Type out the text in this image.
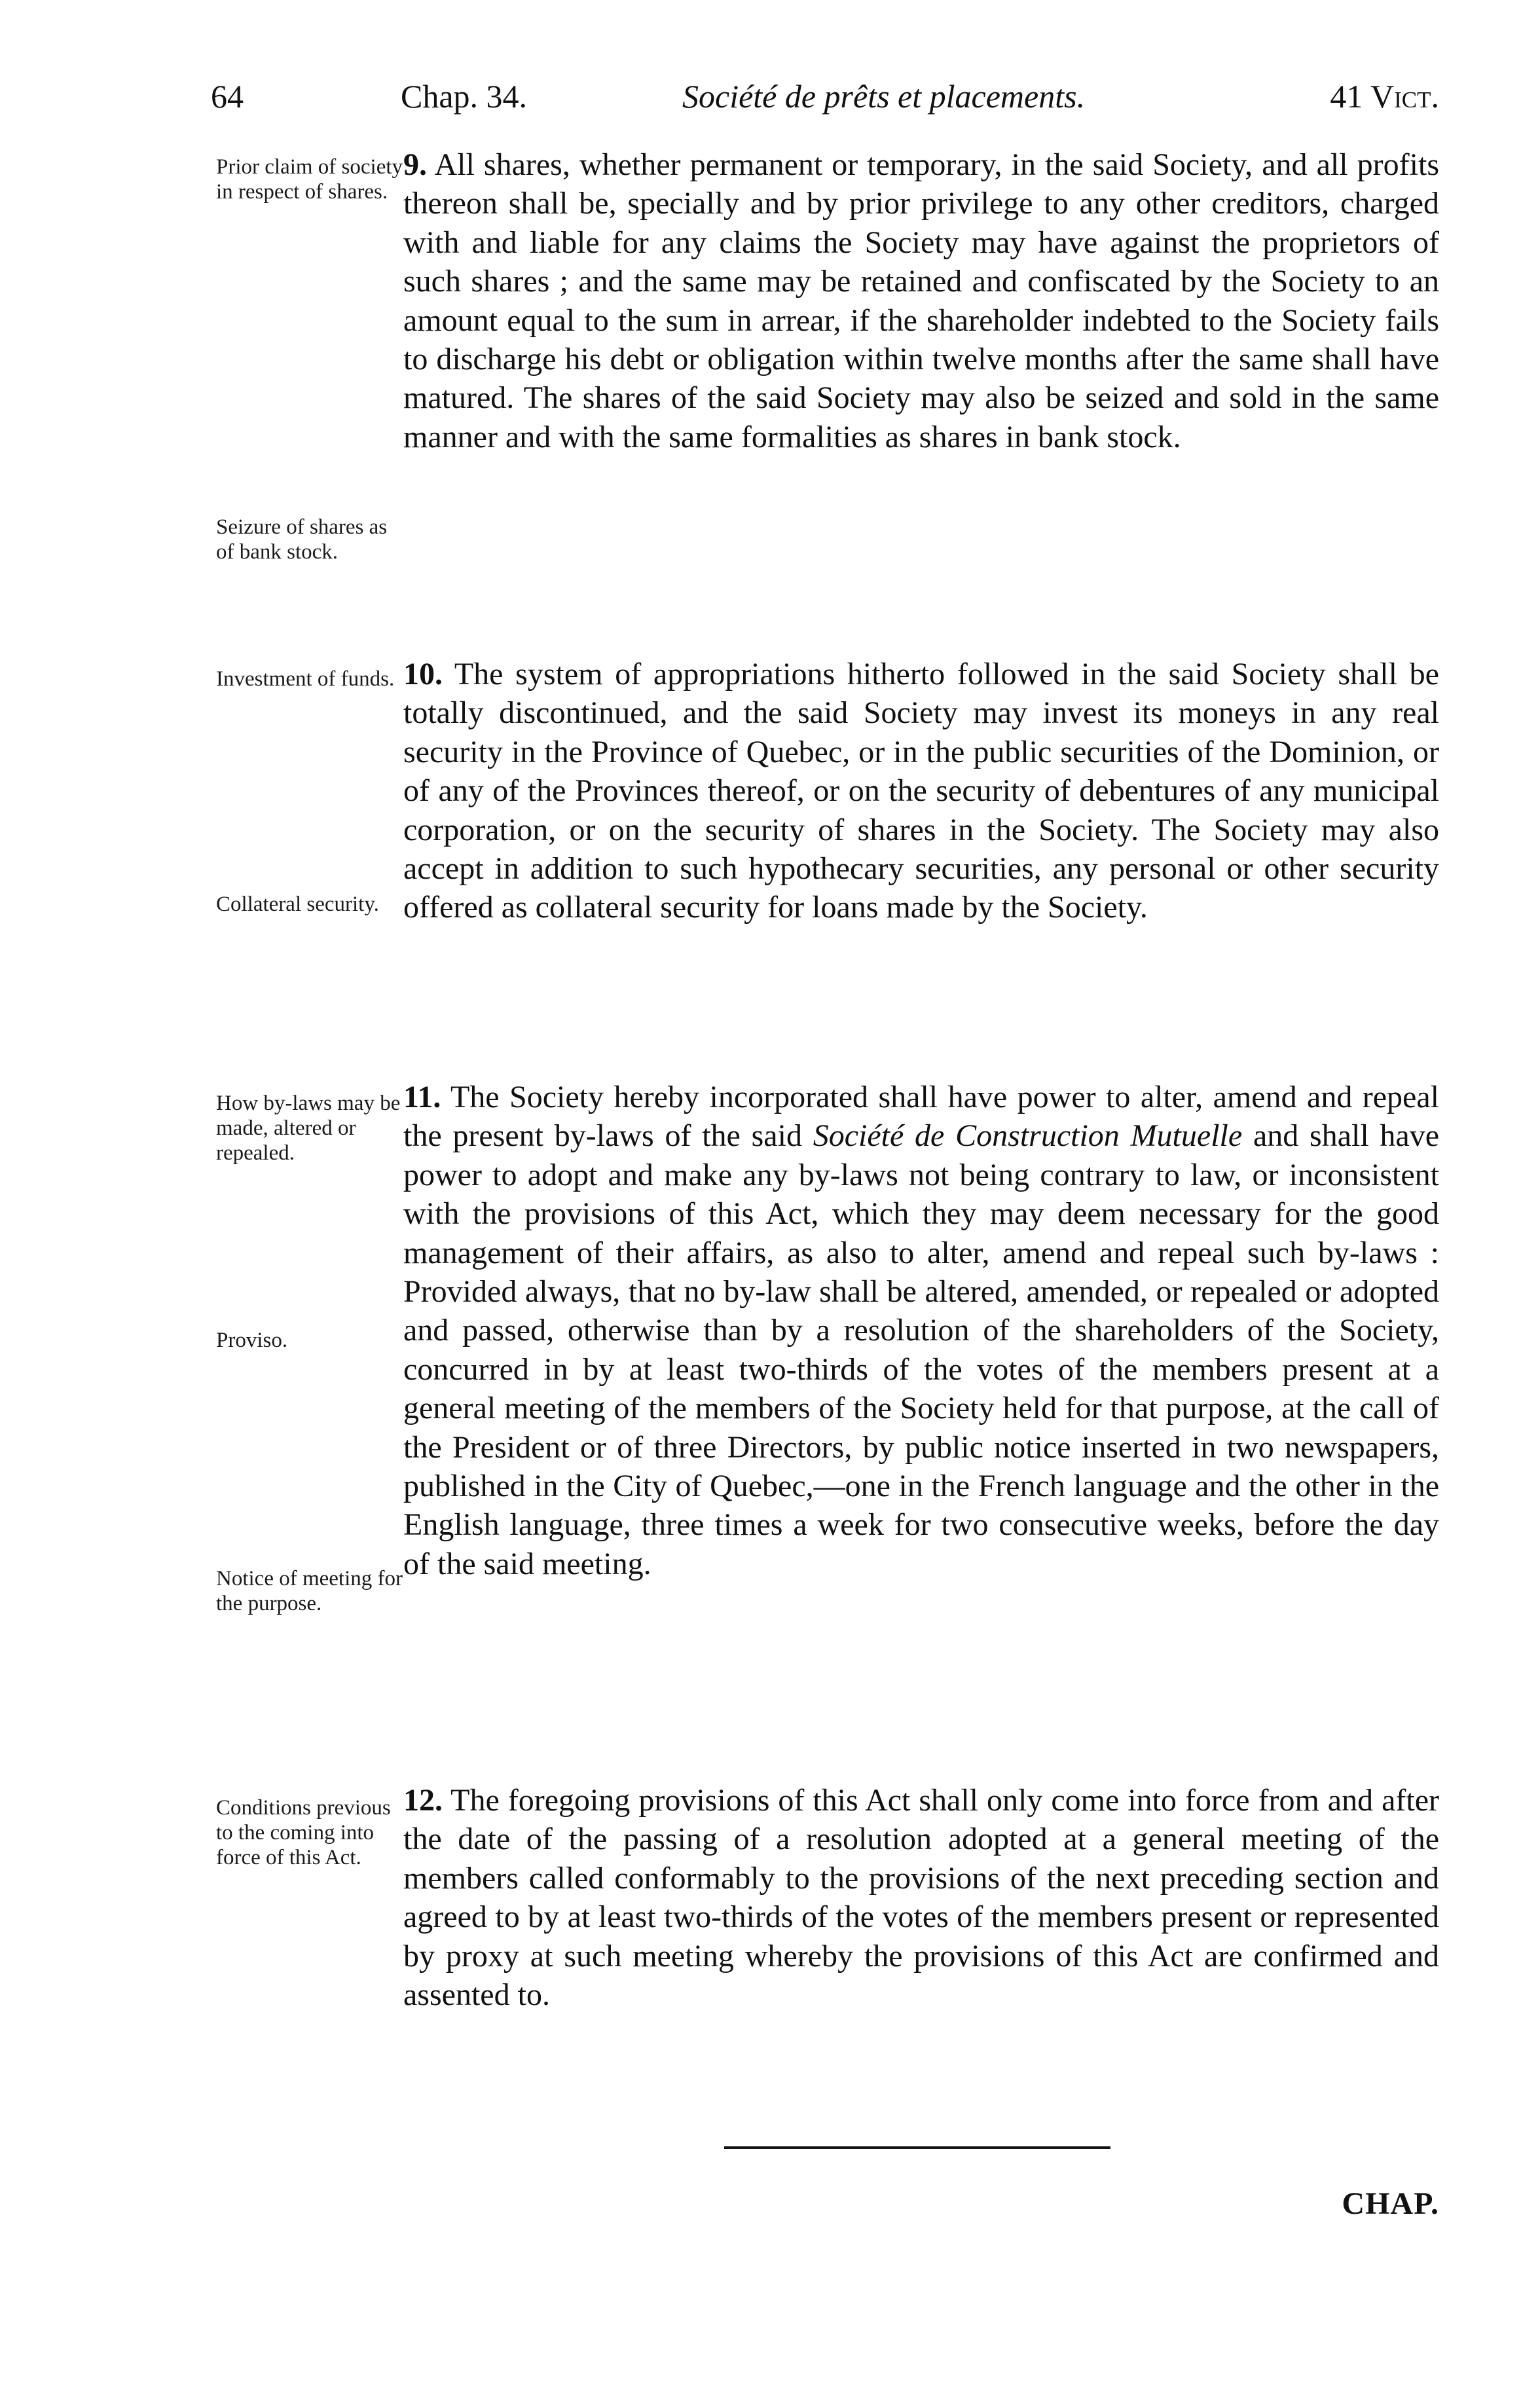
64	Chap. 34.	Société de prêts et placements.	41 Vict.

Prior claim of society in respect of shares.

Seizure of shares as of bank stock.

Investment of funds.

Collateral security.

How by-laws may be made, altered or repealed.

Proviso.

Notice of meeting for the purpose.

Conditions previous to the coming into force of this Act.

9. All shares, whether permanent or temporary, in the said Society, and all profits thereon shall be, specially and by prior privilege to any other creditors, charged with and liable for any claims the Society may have against the proprietors of such shares ; and the same may be retained and confiscated by the Society to an amount equal to the sum in arrear, if the shareholder indebted to the Society fails to discharge his debt or obligation within twelve months after the same shall have matured. The shares of the said Society may also be seized and sold in the same manner and with the same formalities as shares in bank stock.

10. The system of appropriations hitherto followed in the said Society shall be totally discontinued, and the said Society may invest its moneys in any real security in the Province of Quebec, or in the public securities of the Dominion, or of any of the Provinces thereof, or on the security of debentures of any municipal corporation, or on the security of shares in the Society. The Society may also accept in addition to such hypothecary securities, any personal or other security offered as collateral security for loans made by the Society.

11. The Society hereby incorporated shall have power to alter, amend and repeal the present by-laws of the said Société de Construction Mutuelle and shall have power to adopt and make any by-laws not being contrary to law, or inconsistent with the provisions of this Act, which they may deem necessary for the good management of their affairs, as also to alter, amend and repeal such by-laws : Provided always, that no by-law shall be altered, amended, or repealed or adopted and passed, otherwise than by a resolution of the shareholders of the Society, concurred in by at least two-thirds of the votes of the members present at a general meeting of the members of the Society held for that purpose, at the call of the President or of three Directors, by public notice inserted in two newspapers, published in the City of Quebec,—one in the French language and the other in the English language, three times a week for two consecutive weeks, before the day of the said meeting.

12. The foregoing provisions of this Act shall only come into force from and after the date of the passing of a resolution adopted at a general meeting of the members called conformably to the provisions of the next preceding section and agreed to by at least two-thirds of the votes of the members present or represented by proxy at such meeting whereby the provisions of this Act are confirmed and assented to.

CHAP.
